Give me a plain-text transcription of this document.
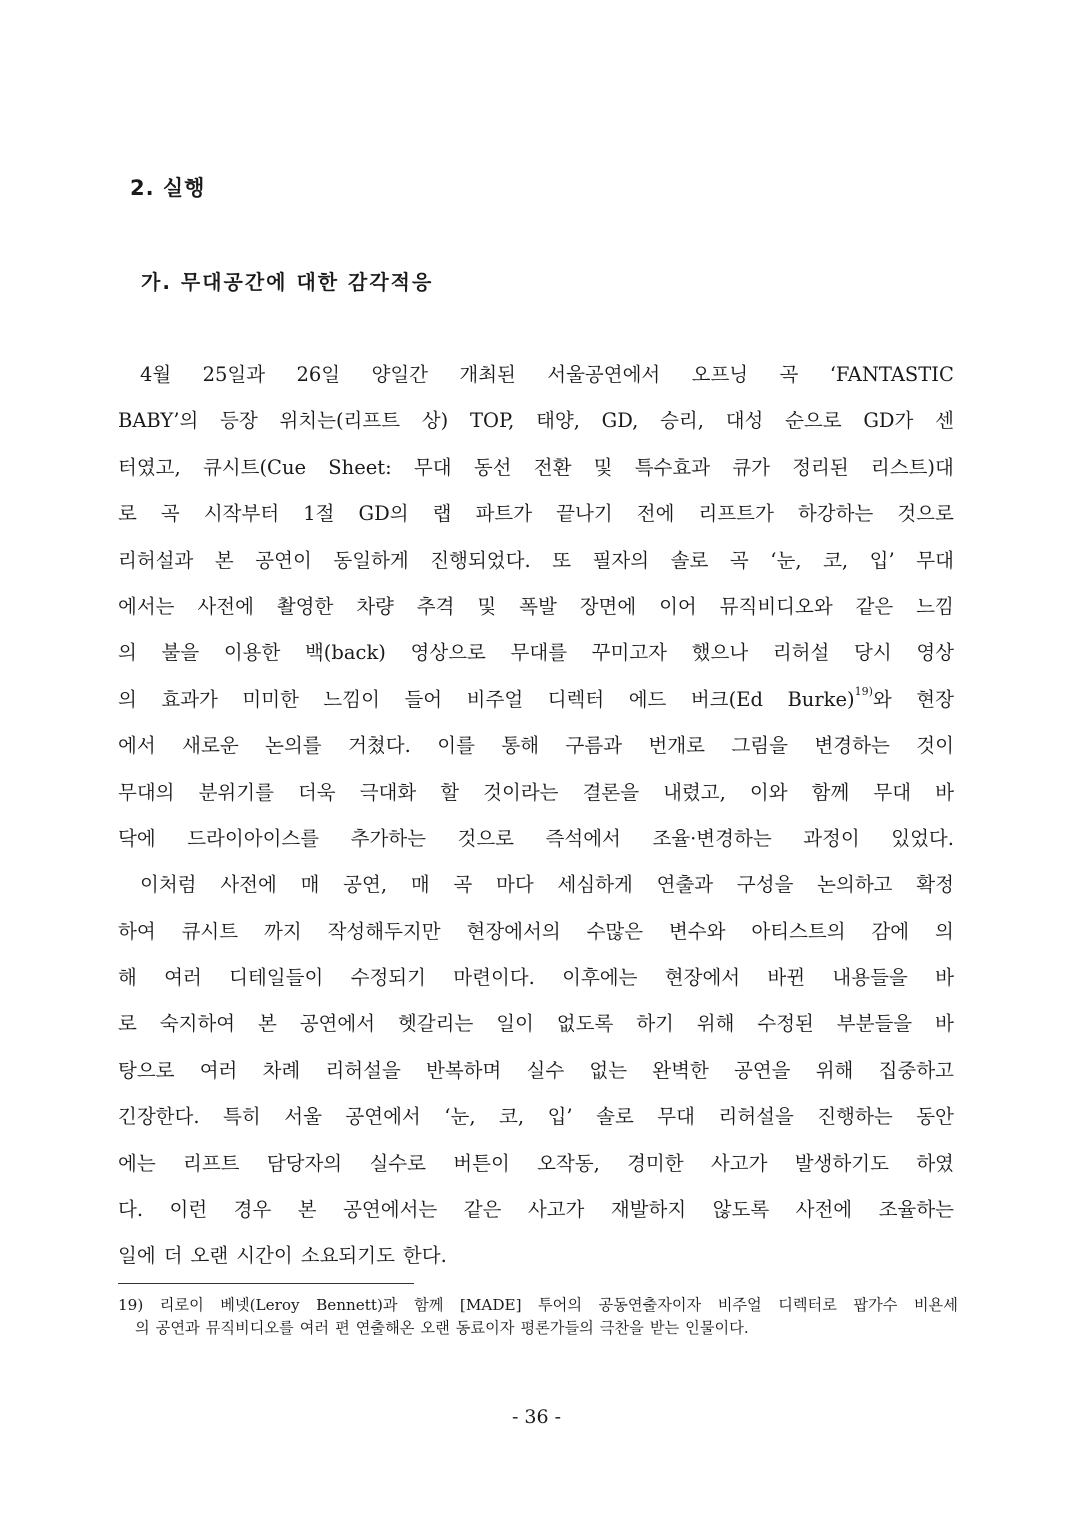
2. 실행
가. 무대공간에 대한 감각적응
4월 25일과 26일 양일간 개최된 서울공연에서 오프닝 곡 ‘FANTASTIC
BABY’의 등장 위치는(리프트 상) TOP, 태양, GD, 승리, 대성 순으로 GD가 센
터였고, 큐시트(Cue Sheet: 무대 동선 전환 및 특수효과 큐가 정리된 리스트)대
로 곡 시작부터 1절 GD의 랩 파트가 끝나기 전에 리프트가 하강하는 것으로
리허설과 본 공연이 동일하게 진행되었다. 또 필자의 솔로 곡 ‘눈, 코, 입’ 무대
에서는 사전에 촬영한 차량 추격 및 폭발 장면에 이어 뮤직비디오와 같은 느낌
의 불을 이용한 백(back) 영상으로 무대를 꾸미고자 했으나 리허설 당시 영상
의 효과가 미미한 느낌이 들어 비주얼 디렉터 에드 버크(Ed Burke)$^{19)}$와 현장
에서 새로운 논의를 거쳤다. 이를 통해 구름과 번개로 그림을 변경하는 것이
무대의 분위기를 더욱 극대화 할 것이라는 결론을 내렸고, 이와 함께 무대 바
닥에 드라이아이스를 추가하는 것으로 즉석에서 조율·변경하는 과정이 있었다.
이처럼 사전에 매 공연, 매 곡 마다 세심하게 연출과 구성을 논의하고 확정
하여 큐시트 까지 작성해두지만 현장에서의 수많은 변수와 아티스트의 감에 의
해 여러 디테일들이 수정되기 마련이다. 이후에는 현장에서 바뀐 내용들을 바
로 숙지하여 본 공연에서 헷갈리는 일이 없도록 하기 위해 수정된 부분들을 바
탕으로 여러 차례 리허설을 반복하며 실수 없는 완벽한 공연을 위해 집중하고
긴장한다. 특히 서울 공연에서 ‘눈, 코, 입’ 솔로 무대 리허설을 진행하는 동안
에는 리프트 담당자의 실수로 버튼이 오작동, 경미한 사고가 발생하기도 하였
다. 이런 경우 본 공연에서는 같은 사고가 재발하지 않도록 사전에 조율하는
일에 더 오랜 시간이 소요되기도 한다.
19) 리로이 베넷(Leroy Bennett)과 함께 [MADE] 투어의 공동연출자이자 비주얼 디렉터로 팝가수 비욘세
의 공연과 뮤직비디오를 여러 편 연출해온 오랜 동료이자 평론가들의 극찬을 받는 인물이다.
- 36 -
